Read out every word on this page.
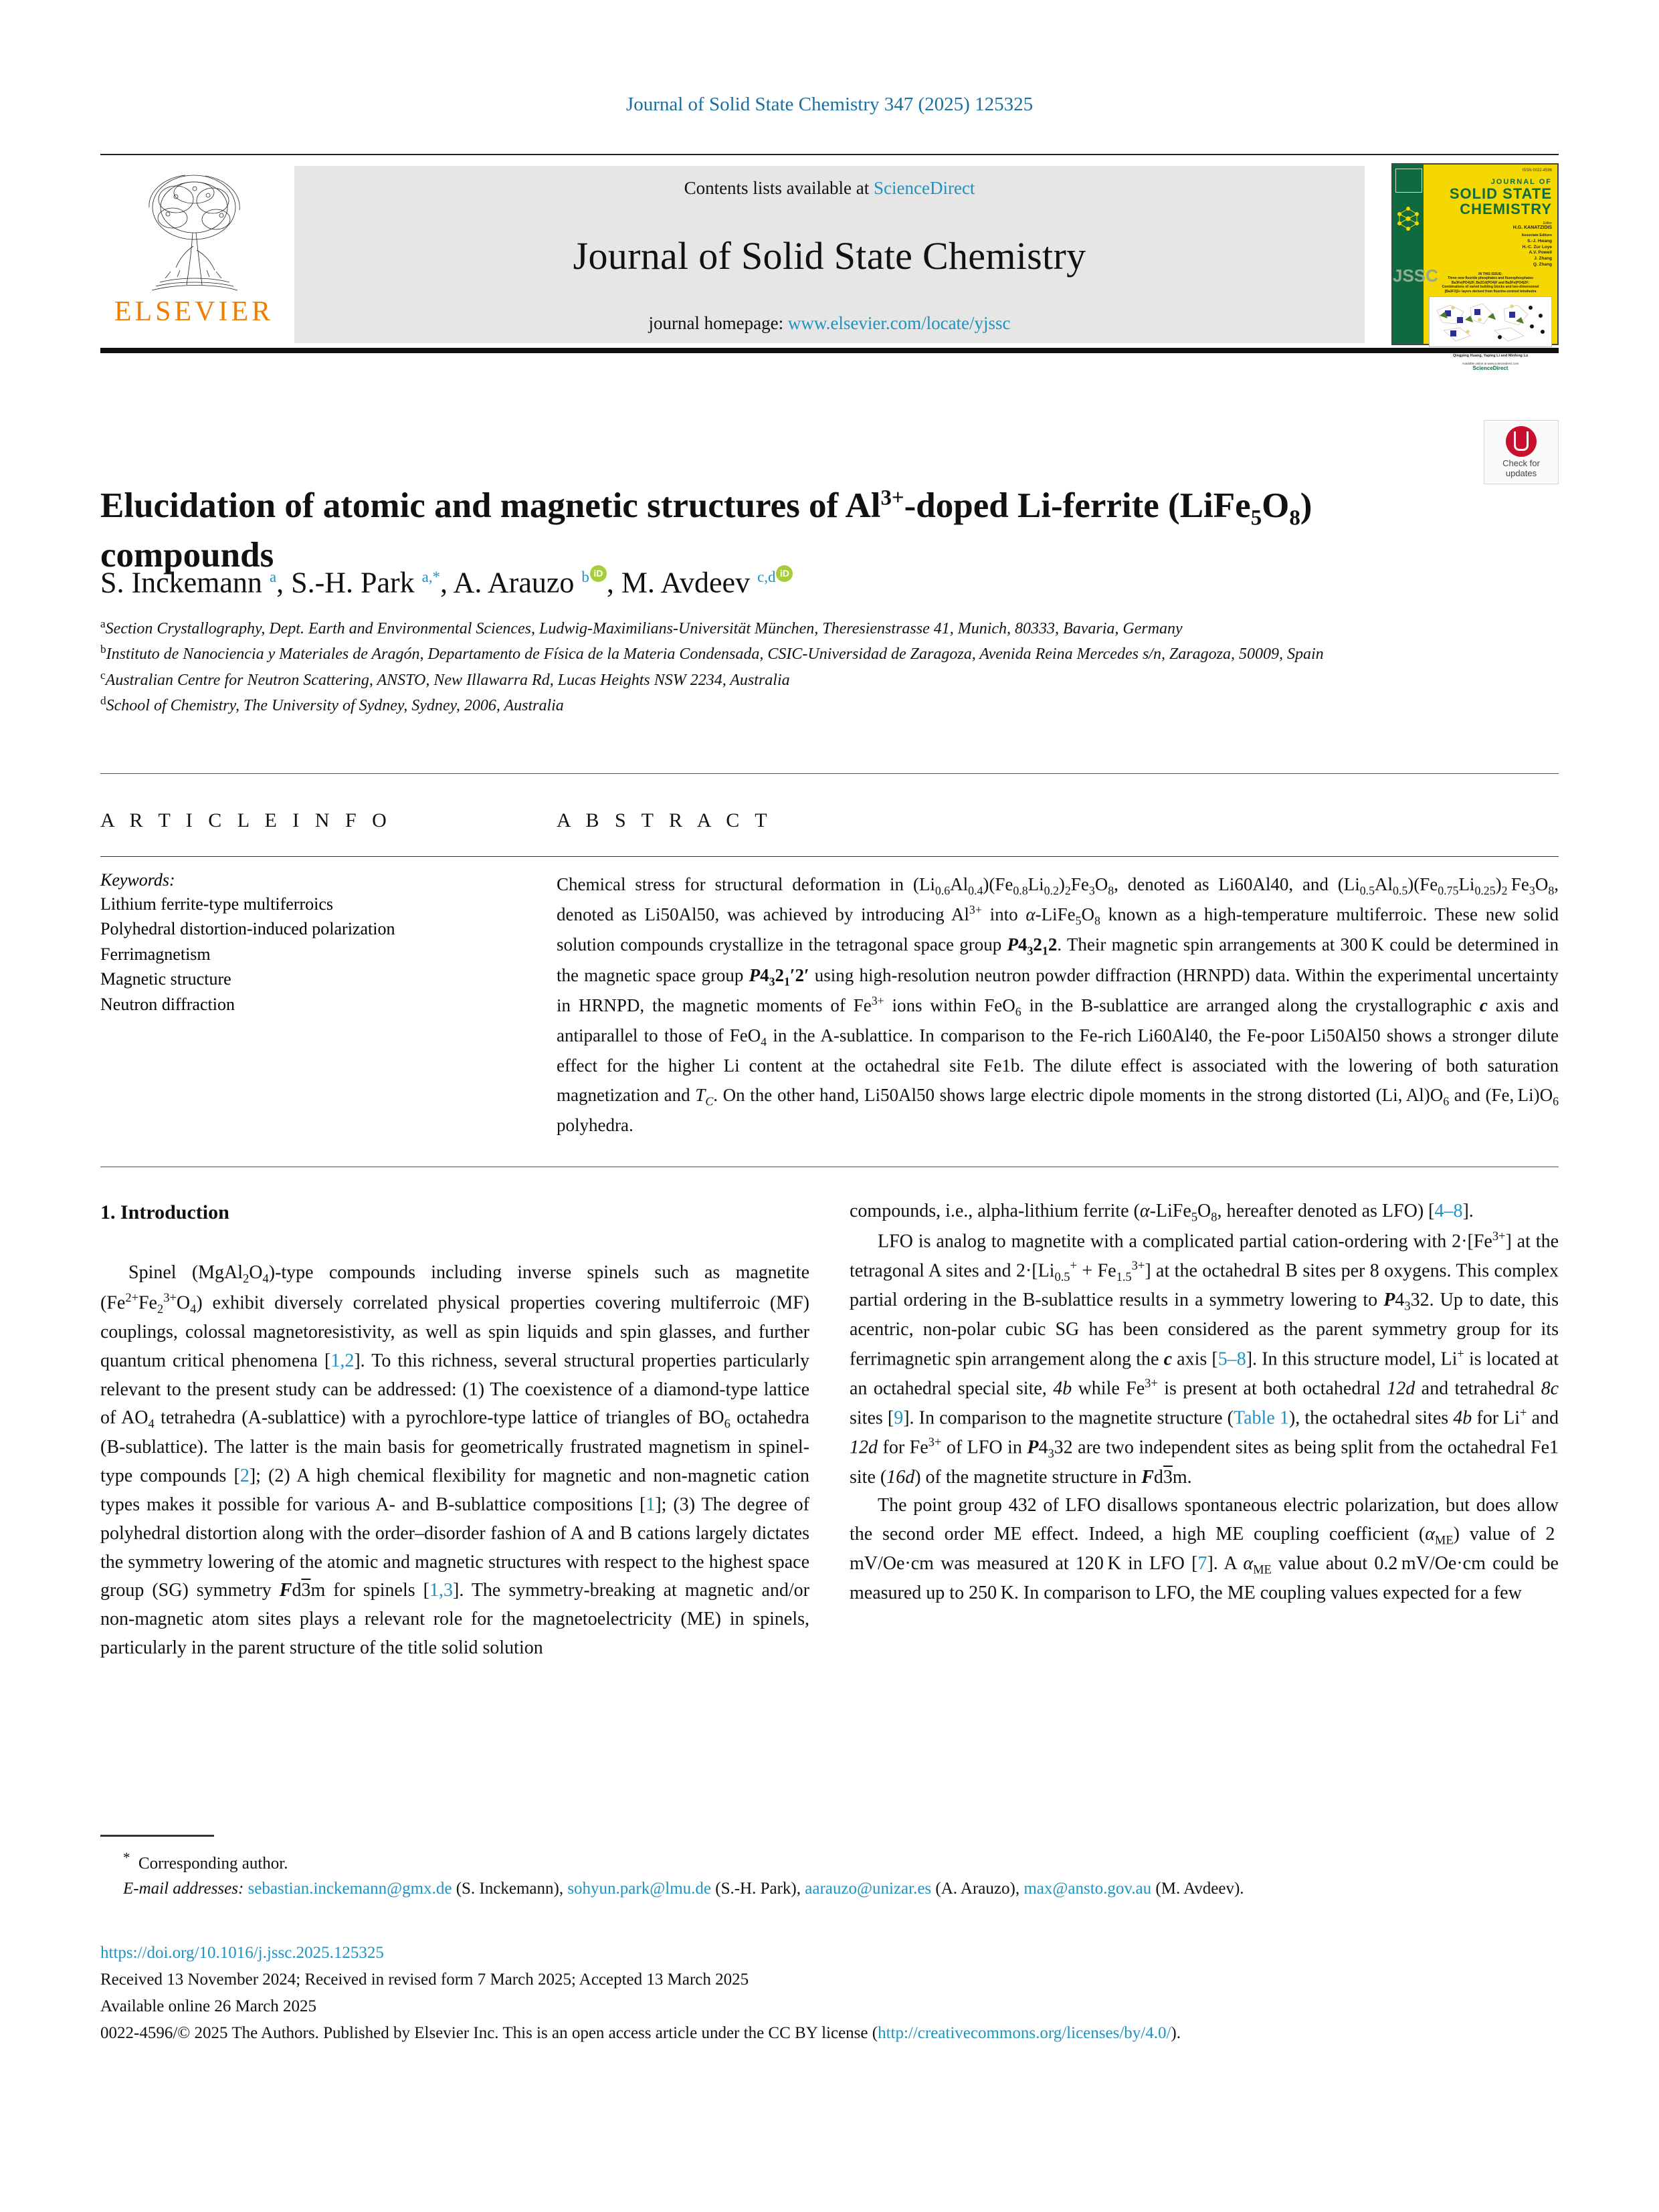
Journal of Solid State Chemistry 347 (2025) 125325
ELSEVIER
Contents lists available at ScienceDirect
Journal of Solid State Chemistry
journal homepage: www.elsevier.com/locate/yjssc
JSSC
ISSN 0022-4596
JOURNAL OF
SOLID STATE
CHEMISTRY
Editor
H.G. KANATZIDIS
Associate Editors
S.-J. Hwang
H.-C. Zur Loye
A.V. Powell
J. Zhang
Q. Zhang
IN THIS ISSUE:
Three new fluoride phosphates and fluorophosphates
Ba3Fe(PO4)2F, Ba2Cd(PO4)F and Ba3Fe(PO4)2F:
Combinations of varied building blocks and two-dimensional
[Ba3F3]3+ layers derived from fluorine-centred tetrahedra

Qingping Huang, Yaping Li and Minfeng Lu
Available online at www.sciencedirect.com
ScienceDirect
Check for
updates
Elucidation of atomic and magnetic structures of $Al^{3+}$-doped Li-ferrite $(LiFe_5O_8)$ compounds
S. Inckemann $^a$, S.-H. Park $^{a,*}$, A. Arauzo $^b$ iD , M. Avdeev $^{c,d}$iD
$^a$Section Crystallography, Dept. Earth and Environmental Sciences, Ludwig-Maximilians-Universität München, Theresienstrasse 41, Munich, 80333, Bavaria, Germany
$^b$Instituto de Nanociencia y Materiales de Aragón, Departamento de Física de la Materia Condensada, CSIC-Universidad de Zaragoza, Avenida Reina Mercedes s/n, Zaragoza, 50009, Spain
$^c$Australian Centre for Neutron Scattering, ANSTO, New Illawarra Rd, Lucas Heights NSW 2234, Australia
$^d$School of Chemistry, The University of Sydney, Sydney, 2006, Australia
A R T I C L E I N F O
Keywords:
Lithium ferrite-type multiferroics
Polyhedral distortion-induced polarization
Ferrimagnetism
Magnetic structure
Neutron diffraction
A B S T R A C T
Chemical stress for structural deformation in $(Li_{0.6}Al_{0.4})(Fe_{0.8}Li_{0.2})_2Fe_3O_8$, denoted as Li60Al40, and $(Li_{0.5}Al_{0.5})(Fe_{0.75}Li_{0.25})_2$ $Fe_3O_8$, denoted as Li50Al50, was achieved by introducing $Al^{3+}$ into $\alpha-LiFe_5O_8$ known as a high-temperature multiferroic. These new solid solution compounds crystallize in the tetragonal space group $P4_32_12$. Their magnetic spin arrangements at 300 K could be determined in the magnetic space group $P4_32_1'2'$ using high-resolution neutron powder diffraction (HRNPD) data. Within the experimental uncertainty in HRNPD, the magnetic moments of $Fe^{3+}$ ions within FeO$_6$ in the B-sublattice are arranged along the crystallographic c axis and antiparallel to those of FeO$_4$ in the A-sublattice. In comparison to the Fe-rich Li60Al40, the Fe-poor Li50Al50 shows a stronger dilute effect for the higher Li content at the octahedral site Fe1b. The dilute effect is associated with the lowering of both saturation magnetization and $T_C$. On the other hand, Li50Al50 shows large electric dipole moments in the strong distorted (Li, $Al)O_6$ and (Fe, $Li)O_6$ polyhedra.
1. Introduction

Spinel $(MgAl_2O_4)$-type compounds including inverse spinels such as magnetite $(Fe^{2+}Fe_2^{3+}O_4)$ exhibit diversely correlated physical properties covering multiferroic (MF) couplings, colossal magnetoresistivity, as well as spin liquids and spin glasses, and further quantum critical phenomena [1,2]. To this richness, several structural properties particularly relevant to the present study can be addressed: (1) The coexistence of a diamond-type lattice of $AO_4$ tetrahedra (A-sublattice) with a pyrochlore-type lattice of triangles of $BO_6$ octahedra (B-sublattice). The latter is the main basis for geometrically frustrated magnetism in spinel-type compounds [2]; (2) A high chemical flexibility for magnetic and non-magnetic cation types makes it possible for various A- and B-sublattice compositions [1]; (3) The degree of polyhedral distortion along with the order–disorder fashion of A and B cations largely dictates the symmetry lowering of the atomic and magnetic structures with respect to the highest space group (SG) symmetry Fd3m for spinels [1,3]. The symmetry-breaking at magnetic and/or non-magnetic atom sites plays a relevant role for the magnetoelectricity (ME) in spinels, particularly in the parent structure of the title solid solution

compounds, i.e., alpha-lithium ferrite ($\alpha-LiFe_5O_8$, hereafter denoted as LFO) [4–8].

LFO is analog to magnetite with a complicated partial cation-ordering with $2\cdot[Fe^{3+}]$ at the tetragonal A sites and $2\cdot[Li_{0.5}^+ + Fe_{1.5}^{3+}]$ at the octahedral B sites per 8 oxygens. This complex partial ordering in the B-sublattice results in a symmetry lowering to $P4_332$. Up to date, this acentric, non-polar cubic SG has been considered as the parent symmetry group for its ferrimagnetic spin arrangement along the c axis [5–8]. In this structure model, Li+ is located at an octahedral special site, 4b while $Fe^{3+}$ is present at both octahedral 12d and tetrahedral 8c sites [9]. In comparison to the magnetite structure (Table 1), the octahedral sites 4b for Li+ and 12d for $Fe^{3+}$ of LFO in $P4_332$ are two independent sites as being split from the octahedral Fe1 site (16d) of the magnetite structure in Fd3m.

The point group 432 of LFO disallows spontaneous electric polarization, but does allow the second order ME effect. Indeed, a high ME coupling coefficient $(\alpha_{ME})$ value of 2 mV/Oe·cm was measured at 120 K in LFO [7]. A $\alpha_{ME}$ value about 0.2 mV/Oe·cm could be measured up to 250 K. In comparison to LFO, the ME coupling values expected for a few

* Corresponding author.
E-mail addresses: sebastian.inckemann@gmx.de (S. Inckemann), sohyun.park@lmu.de (S.-H. Park), aarauzo@unizar.es (A. Arauzo), max@ansto.gov.au (M. Avdeev).
https://doi.org/10.1016/j.jssc.2025.125325
Received 13 November 2024; Received in revised form 7 March 2025; Accepted 13 March 2025
Available online 26 March 2025
0022-4596/© 2025 The Authors. Published by Elsevier Inc. This is an open access article under the CC BY license (http://creativecommons.org/licenses/by/4.0/).
